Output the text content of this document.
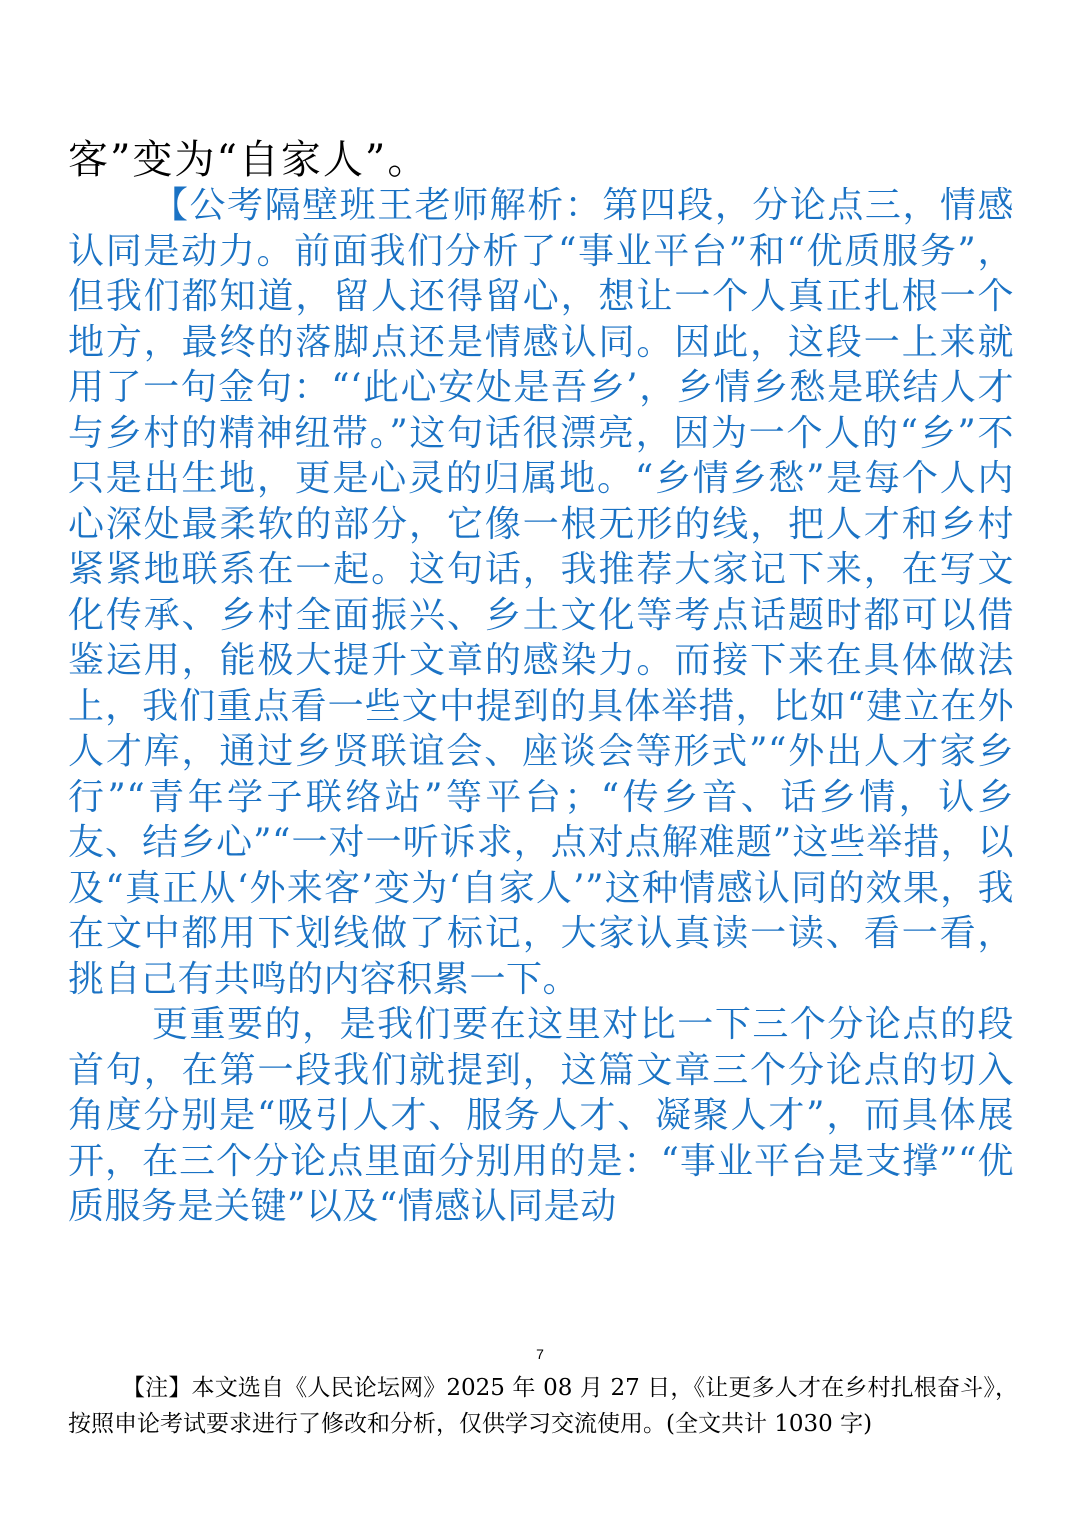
客”变为“自家人”。

【公考隔壁班王老师解析：第四段，分论点三，情感认同是动力。前面我们分析了“事业平台”和“优质服务”，但我们都知道，留人还得留心，想让一个人真正扎根一个地方，最终的落脚点还是情感认同。因此，这段一上来就用了一句金句：“‘此心安处是吾乡’，乡情乡愁是联结人才与乡村的精神纽带。”这句话很漂亮，因为一个人的“乡”不只是出生地，更是心灵的归属地。“乡情乡愁”是每个人内心深处最柔软的部分，它像一根无形的线，把人才和乡村紧紧地联系在一起。这句话，我推荐大家记下来，在写文化传承、乡村全面振兴、乡土文化等考点话题时都可以借鉴运用，能极大提升文章的感染力。而接下来在具体做法上，我们重点看一些文中提到的具体举措，比如“建立在外人才库，通过乡贤联谊会、座谈会等形式”“外出人才家乡行”“青年学子联络站”等平台；“传乡音、话乡情，认乡友、结乡心”“一对一听诉求，点对点解难题”这些举措，以及“真正从‘外来客’变为‘自家人’”这种情感认同的效果，我在文中都用下划线做了标记，大家认真读一读、看一看，挑自己有共鸣的内容积累一下。

更重要的，是我们要在这里对比一下三个分论点的段首句，在第一段我们就提到，这篇文章三个分论点的切入角度分别是“吸引人才、服务人才、凝聚人才”，而具体展开，在三个分论点里面分别用的是：“事业平台是支撑”“优质服务是关键”以及“情感认同是动

7

【注】本文选自《人民论坛网》2025 年 08 月 27 日，《让更多人才在乡村扎根奋斗》，按照申论考试要求进行了修改和分析，仅供学习交流使用。(全文共计 1030 字)
